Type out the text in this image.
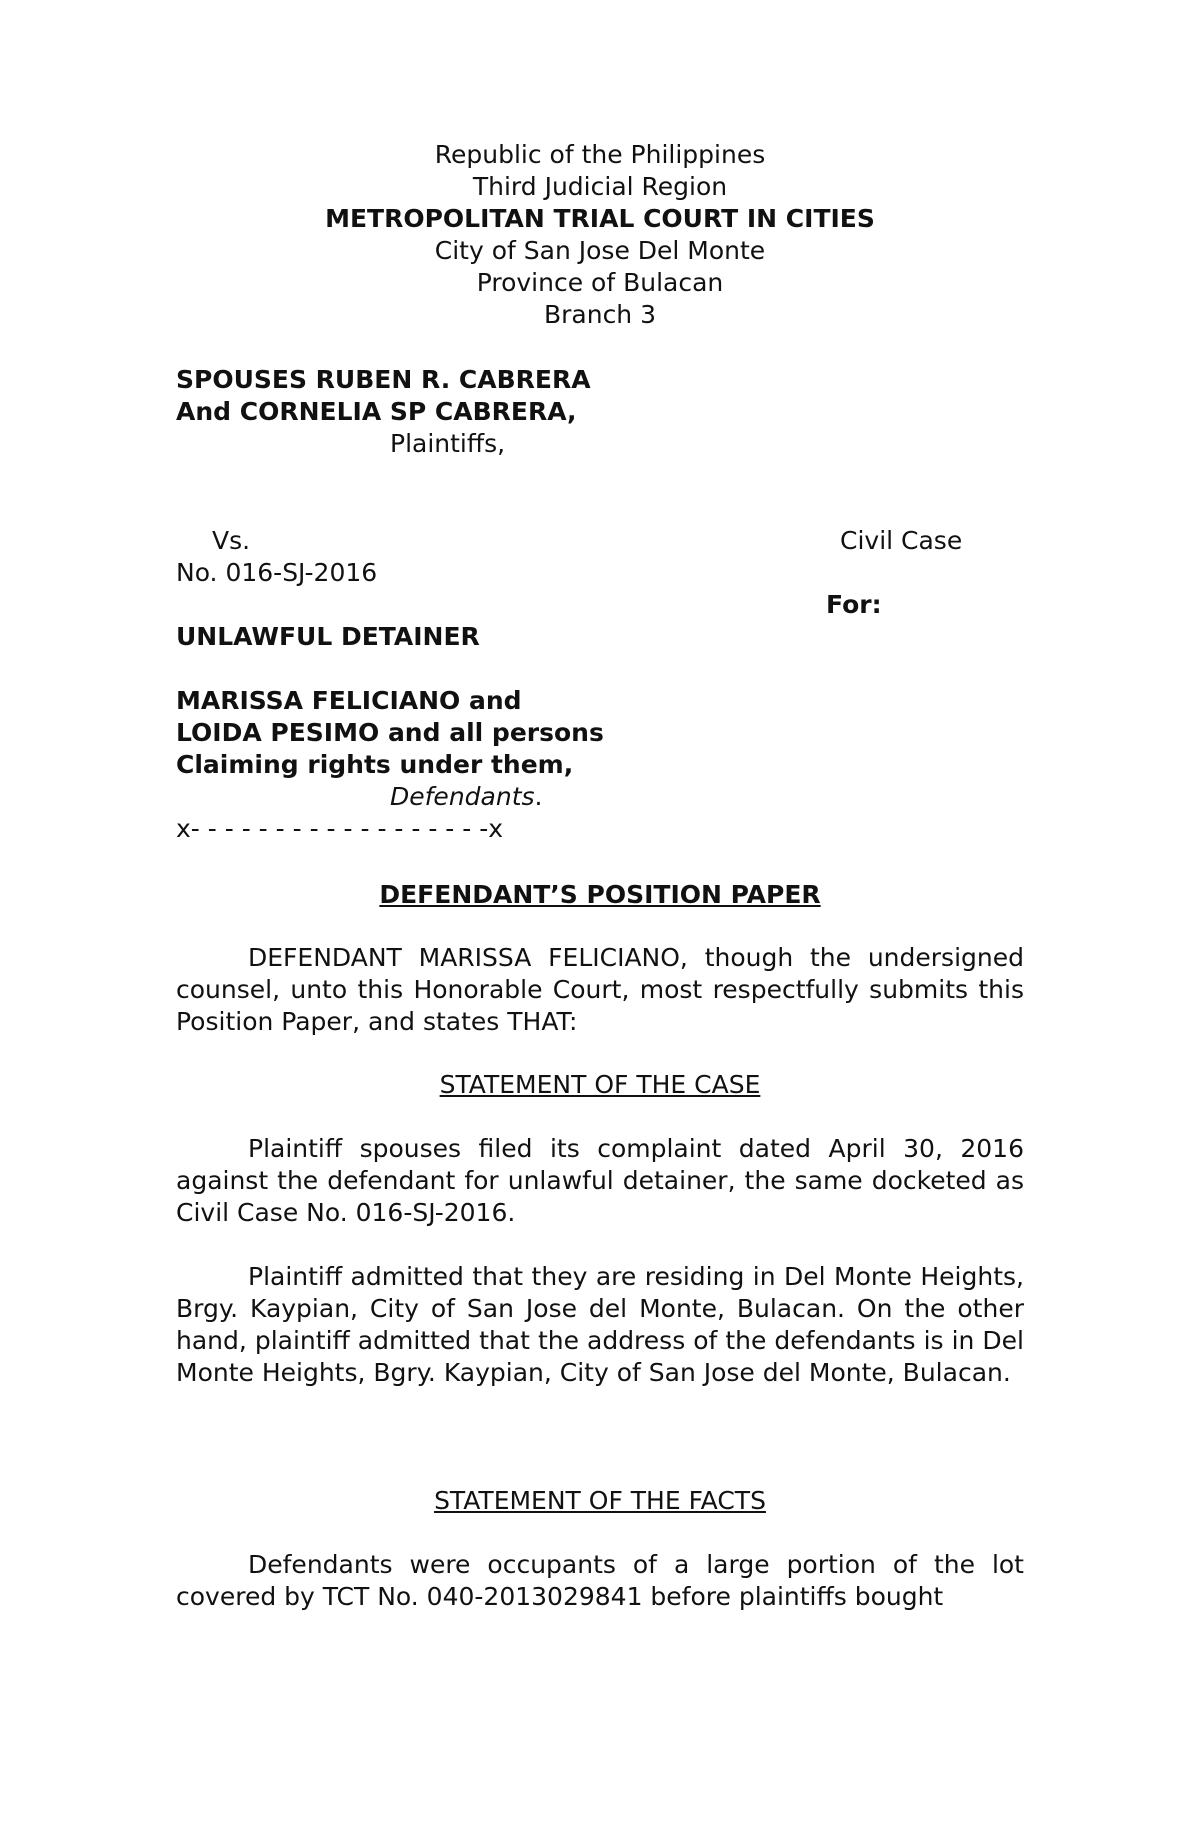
Republic of the Philippines
Third Judicial Region
METROPOLITAN TRIAL COURT IN CITIES
City of San Jose Del Monte
Province of Bulacan
Branch 3
SPOUSES RUBEN R. CABRERA
And CORNELIA SP CABRERA,
Plaintiffs,
Vs.	Civil Case
No. 016-SJ-2016
For:
UNLAWFUL DETAINER
MARISSA FELICIANO and
LOIDA PESIMO and all persons
Claiming rights under them,
Defendants.
x- - - - - - - - - - - - - - - - - -x
DEFENDANT’S POSITION PAPER
DEFENDANT MARISSA FELICIANO, though the undersigned counsel, unto this Honorable Court, most respectfully submits this Position Paper, and states THAT:
STATEMENT OF THE CASE
Plaintiff spouses filed its complaint dated April 30, 2016 against the defendant for unlawful detainer, the same docketed as Civil Case No. 016-SJ-2016.
Plaintiff admitted that they are residing in Del Monte Heights, Brgy. Kaypian, City of San Jose del Monte, Bulacan. On the other hand, plaintiff admitted that the address of the defendants is in Del Monte Heights, Bgry. Kaypian, City of San Jose del Monte, Bulacan.
STATEMENT OF THE FACTS
Defendants were occupants of a large portion of the lot covered by TCT No. 040-2013029841 before plaintiffs bought
